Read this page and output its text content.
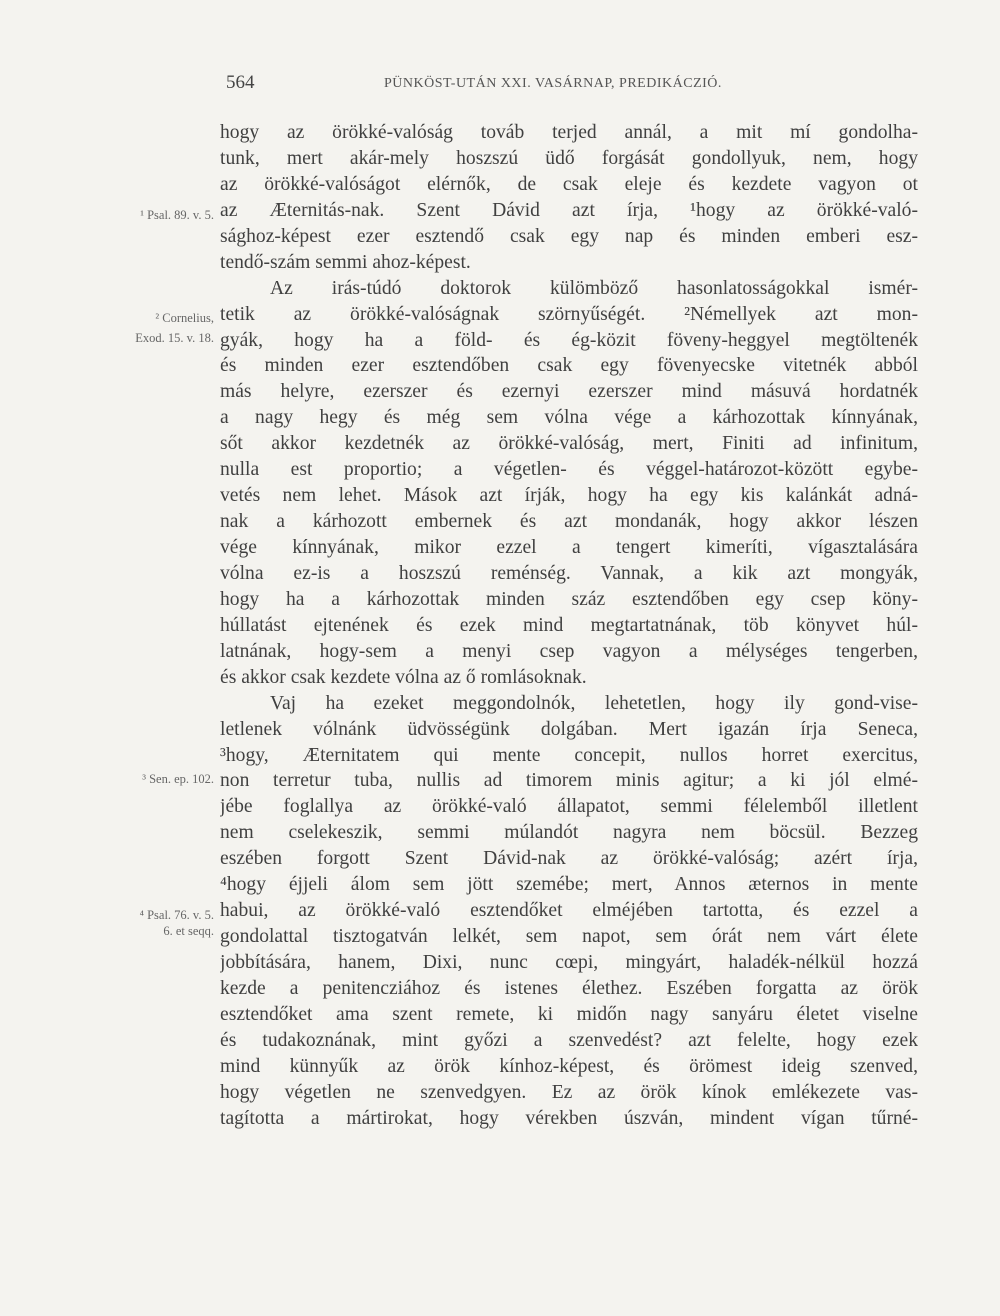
564	PÜNKÖST-UTÁN XXI. VASÁRNAP, PREDIKÁCZIÓ.
¹ Psal. 89. v. 5.
² Cornelius,
Exod. 15. v. 18.
³ Sen. ep. 102.
⁴ Psal. 76. v. 5.
6. et seqq.
hogy az örökké-valóság továb terjed annál, a mit mí gondolha-
tunk, mert akár-mely hoszszú üdő forgását gondollyuk, nem, hogy
az örökké-valóságot elérnők, de csak eleje és kezdete vagyon ot
az Æternitás-nak. Szent Dávid azt írja, ¹hogy az örökké-való-
sághoz-képest ezer esztendő csak egy nap és minden emberi esz-
tendő-szám semmi ahoz-képest.
Az irás-túdó doktorok külömböző hasonlatosságokkal ismér-
tetik az örökké-valóságnak szörnyűségét. ²Némellyek azt mon-
gyák, hogy ha a föld- és ég-közit föveny-heggyel megtöltenék
és minden ezer esztendőben csak egy fövenyecske vitetnék abból
más helyre, ezerszer és ezernyi ezerszer mind másuvá hordatnék
a nagy hegy és még sem vólna vége a kárhozottak kínnyának,
sőt akkor kezdetnék az örökké-valóság, mert, Finiti ad infinitum,
nulla est proportio; a végetlen- és véggel-határozot-között egybe-
vetés nem lehet. Mások azt írják, hogy ha egy kis kalánkát adná-
nak a kárhozott embernek és azt mondanák, hogy akkor lészen
vége kínnyának, mikor ezzel a tengert kimeríti, vígasztalására
vólna ez-is a hoszszú reménség. Vannak, a kik azt mongyák,
hogy ha a kárhozottak minden száz esztendőben egy csep köny-
húllatást ejtenének és ezek mind megtartatnának, töb könyvet húl-
latnának, hogy-sem a menyi csep vagyon a mélységes tengerben,
és akkor csak kezdete vólna az ő romlásoknak.
Vaj ha ezeket meggondolnók, lehetetlen, hogy ily gond-vise-
letlenek vólnánk üdvösségünk dolgában. Mert igazán írja Seneca,
³hogy, Æternitatem qui mente concepit, nullos horret exercitus,
non terretur tuba, nullis ad timorem minis agitur; a ki jól elmé-
jébe foglallya az örökké-való állapatot, semmi félelemből illetlent
nem cselekeszik, semmi múlandót nagyra nem böcsül. Bezzeg
eszében forgott Szent Dávid-nak az örökké-valóság; azért írja,
⁴hogy éjjeli álom sem jött szemébe; mert, Annos æternos in mente
habui, az örökké-való esztendőket elméjében tartotta, és ezzel a
gondolattal tisztogatván lelkét, sem napot, sem órát nem várt élete
jobbítására, hanem, Dixi, nunc cœpi, mingyárt, haladék-nélkül hozzá
kezde a penitencziához és istenes élethez. Eszében forgatta az örök
esztendőket ama szent remete, ki midőn nagy sanyáru életet viselne
és tudakoznának, mint győzi a szenvedést? azt felelte, hogy ezek
mind künnyűk az örök kínhoz-képest, és örömest ideig szenved,
hogy végetlen ne szenvedgyen. Ez az örök kínok emlékezete vas-
tagította a mártirokat, hogy vérekben úszván, mindent vígan tűrné-
